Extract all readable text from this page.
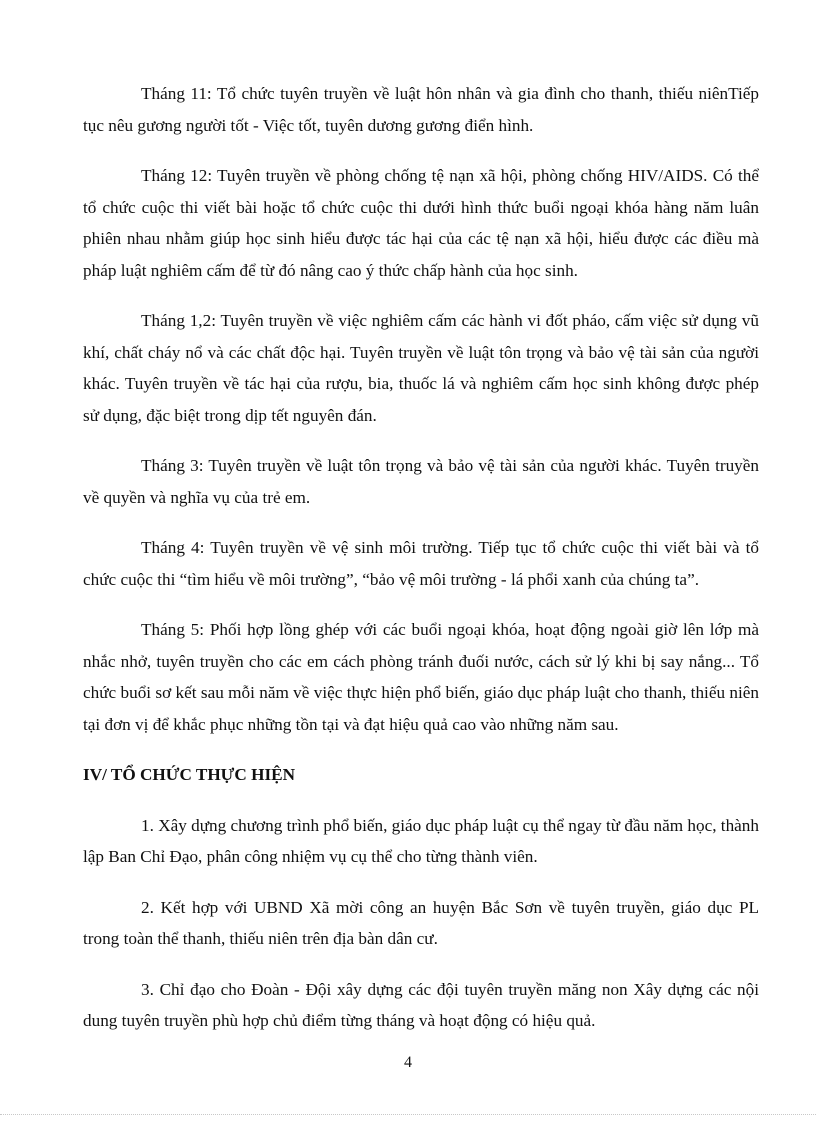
Tháng 11: Tổ chức tuyên truyền về luật hôn nhân và gia đình cho thanh, thiếu niênTiếp tục nêu gương người tốt - Việc tốt, tuyên dương gương điển hình.

Tháng 12: Tuyên truyền về phòng chống tệ nạn xã hội, phòng chống HIV/AIDS. Có thể tổ chức cuộc thi viết bài hoặc tổ chức cuộc thi dưới hình thức buổi ngoại khóa hàng năm luân phiên nhau nhằm giúp học sinh hiểu được tác hại của các tệ nạn xã hội, hiểu được các điều mà pháp luật nghiêm cấm để từ đó nâng cao ý thức chấp hành của học sinh.

Tháng 1,2: Tuyên truyền về việc nghiêm cấm các hành vi đốt pháo, cấm việc sử dụng vũ khí, chất cháy nổ và các chất độc hại. Tuyên truyền về luật tôn trọng và bảo vệ tài sản của người khác. Tuyên truyền về tác hại của rượu, bia, thuốc lá và nghiêm cấm học sinh không được phép sử dụng, đặc biệt trong dịp tết nguyên đán.

Tháng 3: Tuyên truyền về luật tôn trọng và bảo vệ tài sản của người khác. Tuyên truyền về quyền và nghĩa vụ của trẻ em.

Tháng 4: Tuyên truyền về vệ sinh môi trường. Tiếp tục tổ chức cuộc thi viết bài và tổ chức cuộc thi “tìm hiểu về môi trường”, “bảo vệ môi trường - lá phổi xanh của chúng ta”.

Tháng 5: Phối hợp lồng ghép với các buổi ngoại khóa, hoạt động ngoài giờ lên lớp mà nhắc nhở, tuyên truyền cho các em cách phòng tránh đuối nước, cách sử lý khi bị say nắng... Tổ chức buổi sơ kết sau mỗi năm về việc thực hiện phổ biến, giáo dục pháp luật cho thanh, thiếu niên tại đơn vị để khắc phục những tồn tại và đạt hiệu quả cao vào những năm sau.

IV/ TỔ CHỨC THỰC HIỆN

1. Xây dựng chương trình phổ biến, giáo dục pháp luật cụ thể ngay từ đầu năm học, thành lập Ban Chỉ Đạo, phân công nhiệm vụ cụ thể cho từng thành viên.

2. Kết hợp với UBND Xã mời công an huyện Bắc Sơn về tuyên truyền, giáo dục PL trong toàn thể thanh, thiếu niên trên địa bàn dân cư.

3. Chỉ đạo cho Đoàn - Đội xây dựng các đội tuyên truyền măng non Xây dựng các nội dung tuyên truyền phù hợp chủ điểm từng tháng và hoạt động có hiệu quả.

4
